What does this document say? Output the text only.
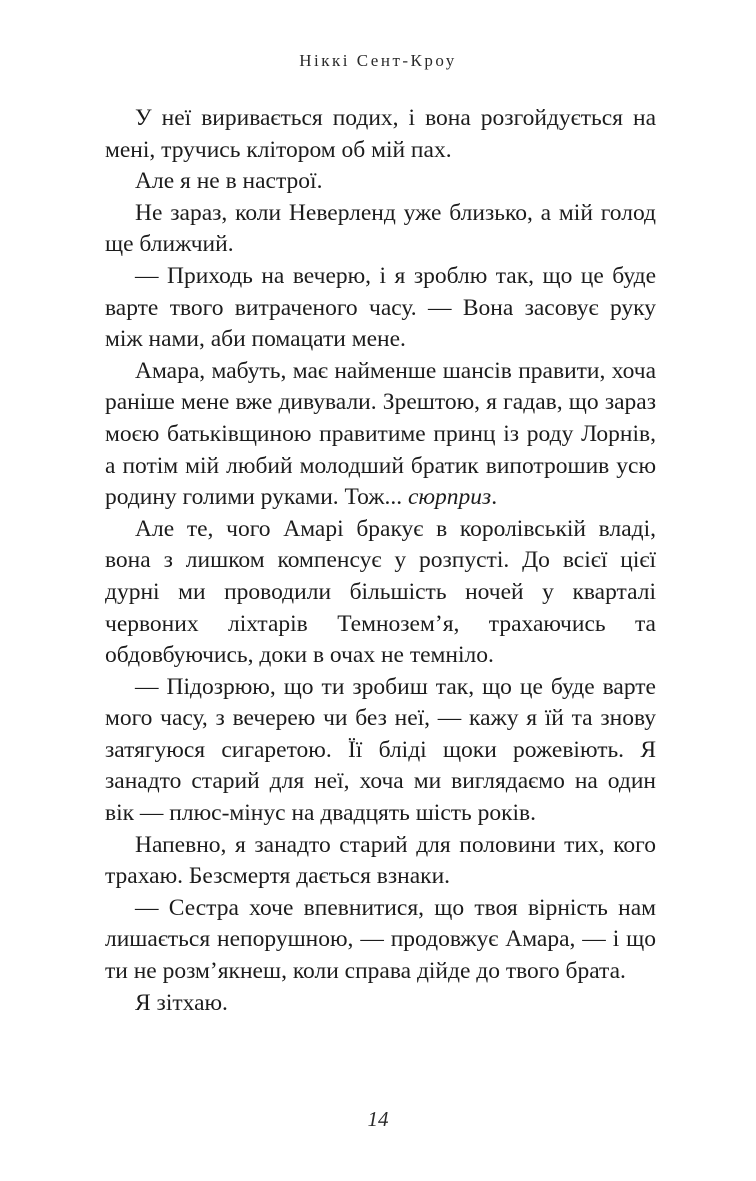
Ніккі Сент-Кроу

У неї виривається подих, і вона розгойдується на мені, тручись клітором об мій пах.

Але я не в настрої.

Не зараз, коли Неверленд уже близько, а мій голод ще ближчий.

— Приходь на вечерю, і я зроблю так, що це буде варте твого витраченого часу. — Вона засовує руку між нами, аби помацати мене.

Амара, мабуть, має найменше шансів правити, хоча раніше мене вже дивували. Зрештою, я гадав, що зараз моєю батьківщиною правитиме принц із роду Лорнів, а потім мій любий молодший братик випотрошив усю родину голими руками. Тож... сюрприз.

Але те, чого Амарі бракує в королівській владі, вона з лишком компенсує у розпусті. До всієї цієї дурні ми проводили більшість ночей у кварталі червоних ліхтарів Темнозем’я, трахаючись та обдовбуючись, доки в очах не темніло.

— Підозрюю, що ти зробиш так, що це буде варте мого часу, з вечерею чи без неї, — кажу я їй та знову затягуюся сигаретою. Її бліді щоки рожевіють. Я занадто старий для неї, хоча ми виглядаємо на один вік — плюс-мінус на двадцять шість років.

Напевно, я занадто старий для половини тих, кого трахаю. Безсмертя дається взнаки.

— Сестра хоче впевнитися, що твоя вірність нам лишається непорушною, — продовжує Амара, — і що ти не розм’якнеш, коли справа дійде до твого брата.

Я зітхаю.

14
